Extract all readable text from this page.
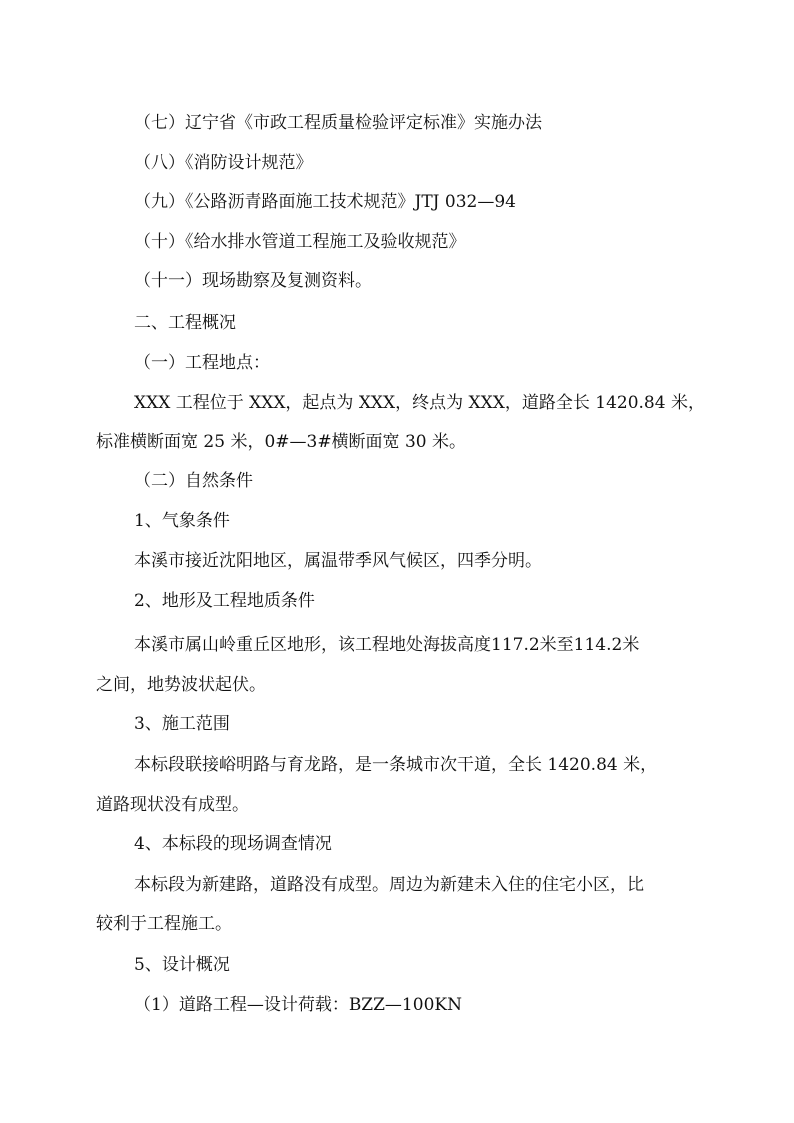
（七）辽宁省《市政工程质量检验评定标准》实施办法
（八）《消防设计规范》
（九）《公路沥青路面施工技术规范》JTJ 032—94
（十）《给水排水管道工程施工及验收规范》
（十一）现场勘察及复测资料。
二、工程概况
（一）工程地点：
XXX 工程位于 XXX，起点为 XXX，终点为 XXX，道路全长 1420.84 米，
标准横断面宽 25 米，0#—3#横断面宽 30 米。
（二）自然条件
1、气象条件
本溪市接近沈阳地区，属温带季风气候区，四季分明。
2、地形及工程地质条件
本溪市属山岭重丘区地形，该工程地处海拔高度117.2米至114.2米
之间，地势波状起伏。
3、施工范围
本标段联接峪明路与育龙路，是一条城市次干道，全长 1420.84 米，
道路现状没有成型。
4、本标段的现场调查情况
本标段为新建路，道路没有成型。周边为新建未入住的住宅小区，比
较利于工程施工。
5、设计概况
（1）道路工程—设计荷载：BZZ—100KN
